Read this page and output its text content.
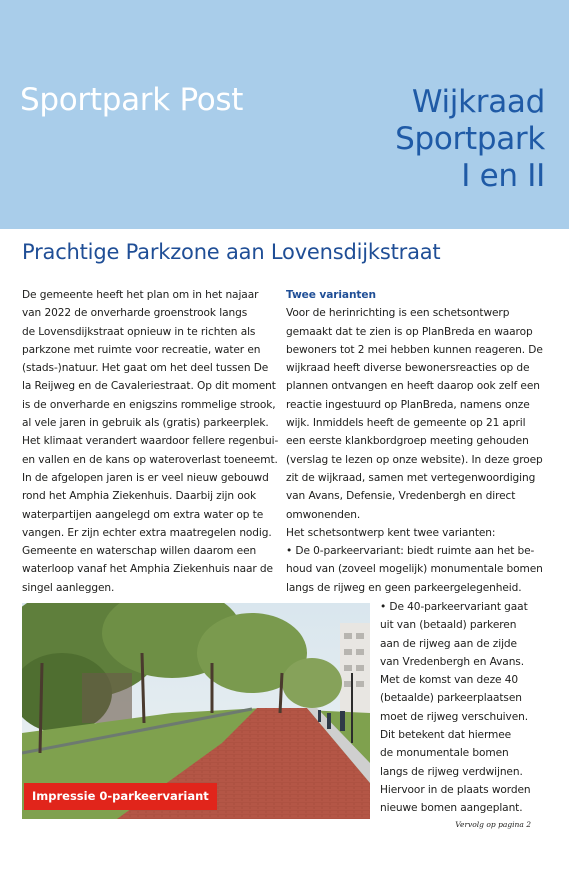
Sportpark Post	Wijkraad
Sportpark
I en II
Prachtige Parkzone aan Lovensdijkstraat
De gemeente heeft het plan om in het najaar
van 2022 de onverharde groenstrook langs
de Lovensdijkstraat opnieuw in te richten als
parkzone met ruimte voor recreatie, water en
(stads-)natuur. Het gaat om het deel tussen De
la Reijweg en de Cavaleriestraat. Op dit moment
is de onverharde en enigszins rommelige strook,
al vele jaren in gebruik als (gratis) parkeerplek.
Het klimaat verandert waardoor fellere regenbui-
en vallen en de kans op wateroverlast toeneemt.
In de afgelopen jaren is er veel nieuw gebouwd
rond het Amphia Ziekenhuis. Daarbij zijn ook
waterpartijen aangelegd om extra water op te
vangen. Er zijn echter extra maatregelen nodig.
Gemeente en waterschap willen daarom een
waterloop vanaf het Amphia Ziekenhuis naar de
singel aanleggen.
Twee varianten
Voor de herinrichting is een schetsontwerp
gemaakt dat te zien is op PlanBreda en waarop
bewoners tot 2 mei hebben kunnen reageren. De
wijkraad heeft diverse bewonersreacties op de
plannen ontvangen en heeft daarop ook zelf een
reactie ingestuurd op PlanBreda, namens onze
wijk. Inmiddels heeft de gemeente op 21 april
een eerste klankbordgroep meeting gehouden
(verslag te lezen op onze website). In deze groep
zit de wijkraad, samen met vertegenwoordiging
van Avans, Defensie, Vredenbergh en direct
omwonenden.
Het schetsontwerp kent twee varianten:
• De 0-parkeervariant: biedt ruimte aan het be-
houd van (zoveel mogelijk) monumentale bomen
langs de rijweg en geen parkeergelegenheid.
Impressie 0-parkeervariant
• De 40-parkeervariant gaat
uit van (betaald) parkeren
aan de rijweg aan de zijde
van Vredenbergh en Avans.
Met de komst van deze 40
(betaalde) parkeerplaatsen
moet de rijweg verschuiven.
Dit betekent dat hiermee
de monumentale bomen
langs de rijweg verdwijnen.
Hiervoor in de plaats worden
nieuwe bomen aangeplant.
Vervolg op pagina 2
